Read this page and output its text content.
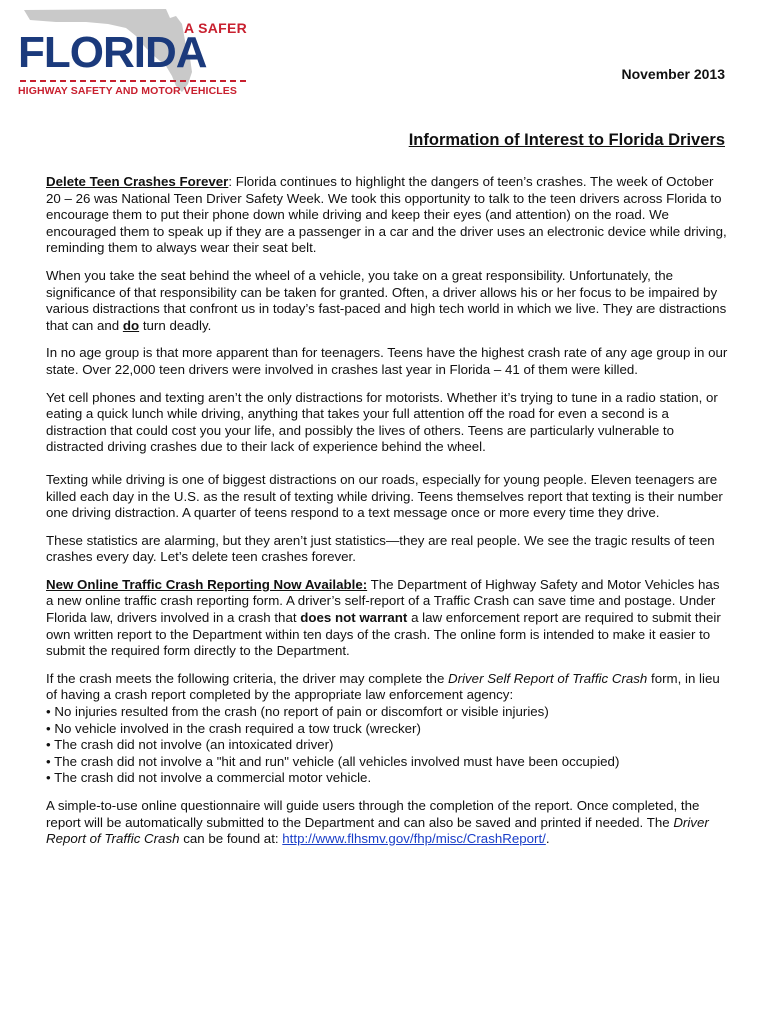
A SAFER
FLORIDA
HIGHWAY SAFETY AND MOTOR VEHICLES
November 2013
Information of Interest to Florida Drivers

Delete Teen Crashes Forever: Florida continues to highlight the dangers of teen’s crashes. The week of October 20 – 26 was National Teen Driver Safety Week. We took this opportunity to talk to the teen drivers across Florida to encourage them to put their phone down while driving and keep their eyes (and attention) on the road. We encouraged them to speak up if they are a passenger in a car and the driver uses an electronic device while driving, reminding them to always wear their seat belt.

When you take the seat behind the wheel of a vehicle, you take on a great responsibility. Unfortunately, the significance of that responsibility can be taken for granted. Often, a driver allows his or her focus to be impaired by various distractions that confront us in today’s fast-paced and high tech world in which we live. They are distractions that can and do turn deadly.

In no age group is that more apparent than for teenagers. Teens have the highest crash rate of any age group in our state. Over 22,000 teen drivers were involved in crashes last year in Florida – 41 of them were killed.

Yet cell phones and texting aren’t the only distractions for motorists. Whether it’s trying to tune in a radio station, or eating a quick lunch while driving, anything that takes your full attention off the road for even a second is a distraction that could cost you your life, and possibly the lives of others. Teens are particularly vulnerable to distracted driving crashes due to their lack of experience behind the wheel.

Texting while driving is one of biggest distractions on our roads, especially for young people. Eleven teenagers are killed each day in the U.S. as the result of texting while driving. Teens themselves report that texting is their number one driving distraction. A quarter of teens respond to a text message once or more every time they drive.

These statistics are alarming, but they aren’t just statistics—they are real people. We see the tragic results of teen crashes every day. Let’s delete teen crashes forever.

New Online Traffic Crash Reporting Now Available: The Department of Highway Safety and Motor Vehicles has a new online traffic crash reporting form. A driver’s self-report of a Traffic Crash can save time and postage. Under Florida law, drivers involved in a crash that does not warrant a law enforcement report are required to submit their own written report to the Department within ten days of the crash. The online form is intended to make it easier to submit the required form directly to the Department.

If the crash meets the following criteria, the driver may complete the Driver Self Report of Traffic Crash form, in lieu of having a crash report completed by the appropriate law enforcement agency:

• No injuries resulted from the crash (no report of pain or discomfort or visible injuries)
• No vehicle involved in the crash required a tow truck (wrecker)
• The crash did not involve (an intoxicated driver)
• The crash did not involve a "hit and run" vehicle (all vehicles involved must have been occupied)
• The crash did not involve a commercial motor vehicle.

A simple-to-use online questionnaire will guide users through the completion of the report. Once completed, the report will be automatically submitted to the Department and can also be saved and printed if needed. The Driver Report of Traffic Crash can be found at: http://www.flhsmv.gov/fhp/misc/CrashReport/.
